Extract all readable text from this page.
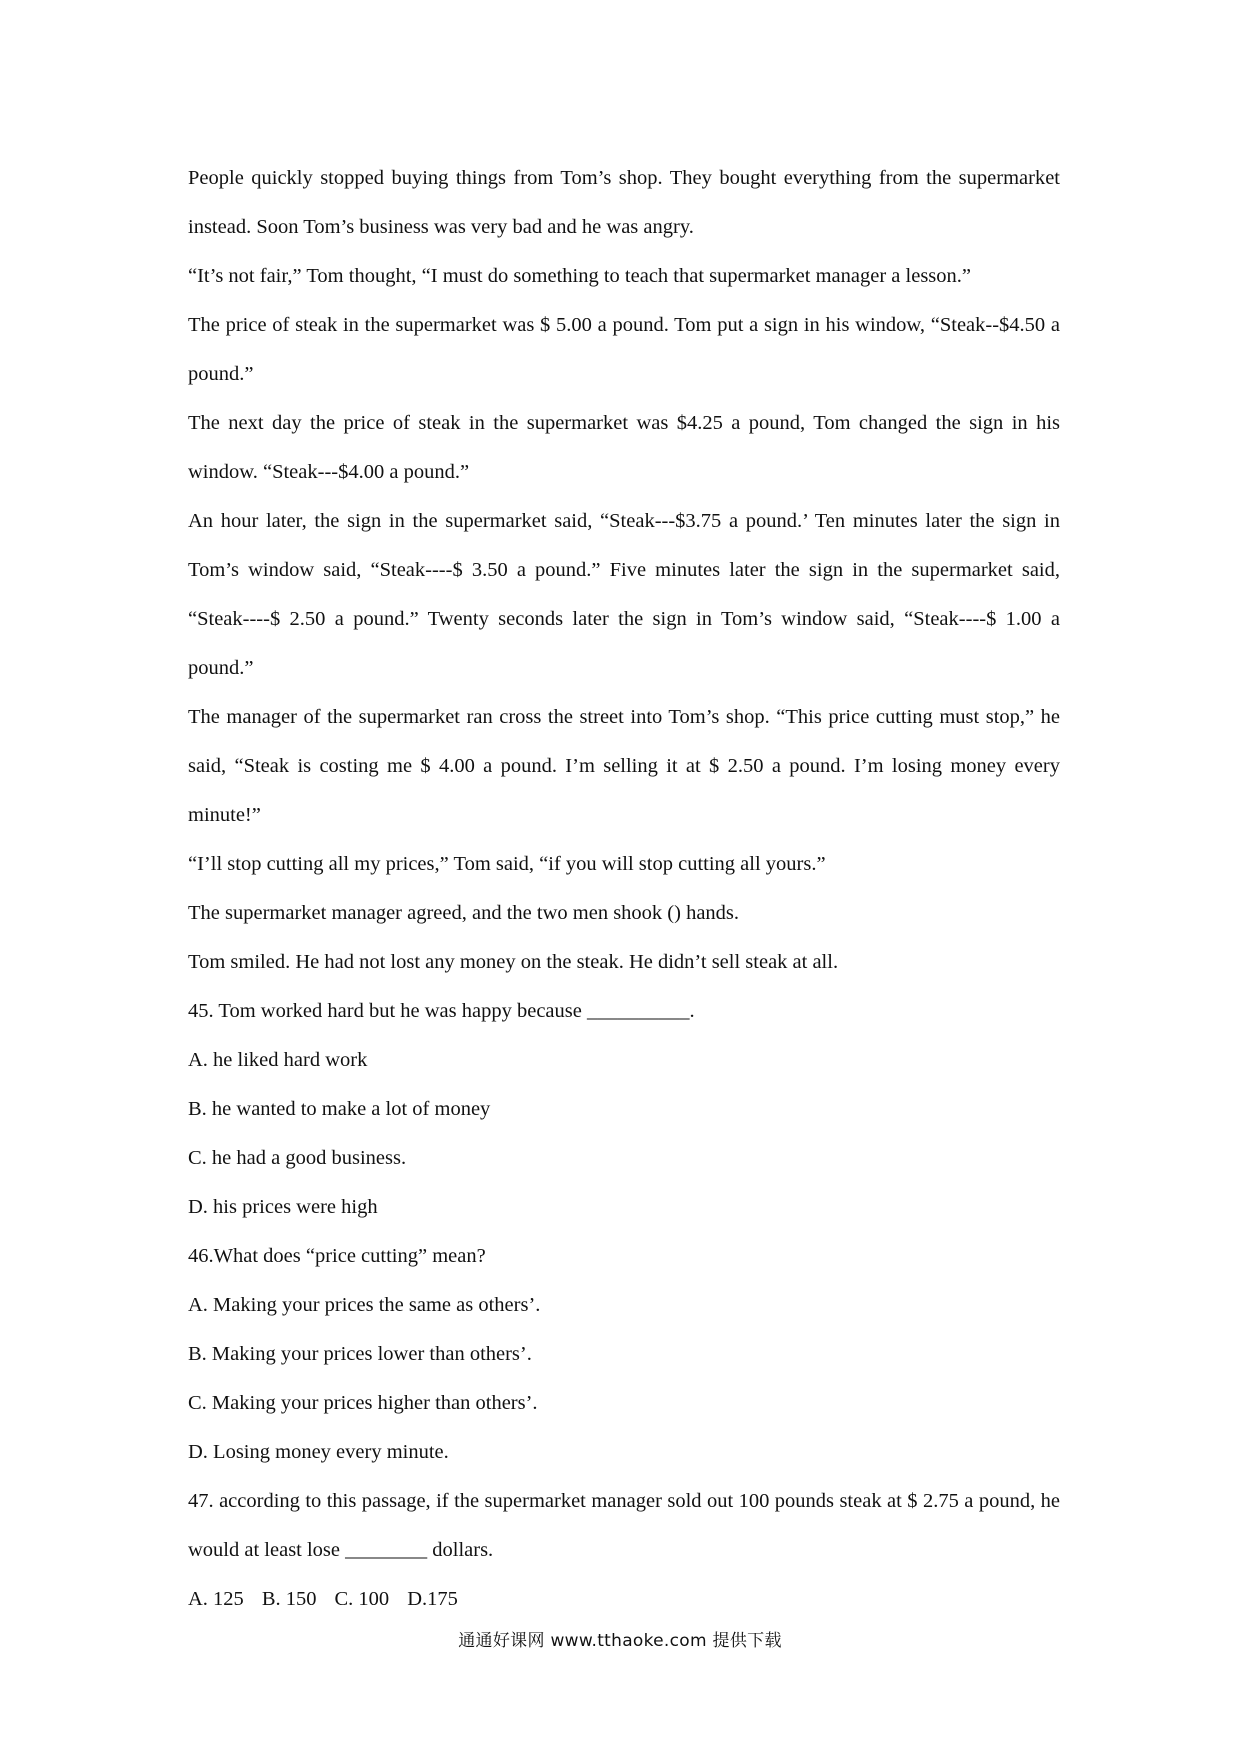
People quickly stopped buying things from Tom’s shop. They bought everything from the supermarket instead. Soon Tom’s business was very bad and he was angry.

“It’s not fair,” Tom thought, “I must do something to teach that supermarket manager a lesson.”

The price of steak in the supermarket was $ 5.00 a pound. Tom put a sign in his window, “Steak--$4.50 a pound.”

The next day the price of steak in the supermarket was $4.25 a pound, Tom changed the sign in his window. “Steak---$4.00 a pound.”

An hour later, the sign in the supermarket said, “Steak---$3.75 a pound.’ Ten minutes later the sign in Tom’s window said, “Steak----$ 3.50 a pound.” Five minutes later the sign in the supermarket said, “Steak----$ 2.50 a pound.” Twenty seconds later the sign in Tom’s window said, “Steak----$ 1.00 a pound.”

The manager of the supermarket ran cross the street into Tom’s shop. “This price cutting must stop,” he said, “Steak is costing me $ 4.00 a pound. I’m selling it at $ 2.50 a pound. I’m losing money every minute!”

“I’ll stop cutting all my prices,” Tom said, “if you will stop cutting all yours.”

The supermarket manager agreed, and the two men shook () hands.

Tom smiled. He had not lost any money on the steak. He didn’t sell steak at all.

45. Tom worked hard but he was happy because __________.

A. he liked hard work

B. he wanted to make a lot of money

C. he had a good business.

D. his prices were high

46.What does “price cutting” mean?

A. Making your prices the same as others’.

B. Making your prices lower than others’.

C. Making your prices higher than others’.

D. Losing money every minute.

47. according to this passage, if the supermarket manager sold out 100 pounds steak at $ 2.75 a pound, he would at least lose ________ dollars.

A. 125 B. 150 C. 100 D.175

通通好课网 www.tthaoke.com 提供下载
